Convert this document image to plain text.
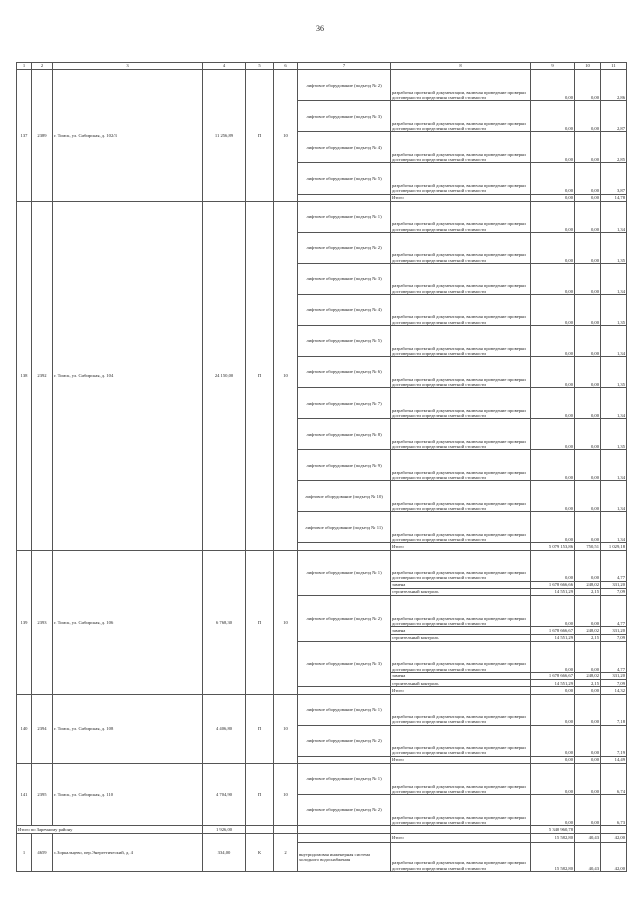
36
1	2	3	4	5	6	7	8	9	10	11
137	2389	г. Томск, ул. Сибирская, д. 102/3	11 256,89	П	10	лифтовое оборудование (подъезд № 2)	разработка проектной документации, включая проведение проверки достоверности определения сметной стоимости	0,00	0,00	2,86
						лифтовое оборудование (подъезд № 3)	разработка проектной документации, включая проведение проверки достоверности определения сметной стоимости	0,00	0,00	2,87
						лифтовое оборудование (подъезд № 4)	разработка проектной документации, включая проведение проверки достоверности определения сметной стоимости	0,00	0,00	2,85
						лифтовое оборудование (подъезд № 5)	разработка проектной документации, включая проведение проверки достоверности определения сметной стоимости	0,00	0,00	3,87
							Итого	0,00	0,00	14,78
138	2392	г. Томск, ул. Сибирская, д. 104	24 150,00	П	10	лифтовое оборудование (подъезд № 1)	разработка проектной документации, включая проведение проверки достоверности определения сметной стоимости	0,00	0,00	1,34
						лифтовое оборудование (подъезд № 2)	разработка проектной документации, включая проведение проверки достоверности определения сметной стоимости	0,00	0,00	1,35
						лифтовое оборудование (подъезд № 3)	разработка проектной документации, включая проведение проверки достоверности определения сметной стоимости	0,00	0,00	1,34
						лифтовое оборудование (подъезд № 4)	разработка проектной документации, включая проведение проверки достоверности определения сметной стоимости	0,00	0,00	1,35
						лифтовое оборудование (подъезд № 5)	разработка проектной документации, включая проведение проверки достоверности определения сметной стоимости	0,00	0,00	1,34
						лифтовое оборудование (подъезд № 6)	разработка проектной документации, включая проведение проверки достоверности определения сметной стоимости	0,00	0,00	1,35
						лифтовое оборудование (подъезд № 7)	разработка проектной документации, включая проведение проверки достоверности определения сметной стоимости	0,00	0,00	1,34
						лифтовое оборудование (подъезд № 8)	разработка проектной документации, включая проведение проверки достоверности определения сметной стоимости	0,00	0,00	1,35
						лифтовое оборудование (подъезд № 9)	разработка проектной документации, включая проведение проверки достоверности определения сметной стоимости	0,00	0,00	1,34
						лифтовое оборудование (подъезд № 10)	разработка проектной документации, включая проведение проверки достоверности определения сметной стоимости	0,00	0,00	1,34
						лифтовое оборудование (подъезд № 11)	разработка проектной документации, включая проведение проверки достоверности определения сметной стоимости	0,00	0,00	1,34
							Итого	5 079 153,86	750,51	1 029,18
139	2393	г. Томск, ул. Сибирская, д. 106	6 768,30	П	10	лифтовое оборудование (подъезд № 1)	разработка проектной документации, включая проведение проверки достоверности определения сметной стоимости	0,00	0,00	4,77
							замена	1 678 666,66	248,02	331,20
							строительный контроль	14 551,29	2,15	7,09
						лифтовое оборудование (подъезд № 2)	разработка проектной документации, включая проведение проверки достоверности определения сметной стоимости	0,00	0,00	4,77
							замена	1 678 666,67	248,02	331,20
							строительный контроль	14 551,29	2,15	7,09
						лифтовое оборудование (подъезд № 3)	разработка проектной документации, включая проведение проверки достоверности определения сметной стоимости	0,00	0,00	4,77
							замена	1 678 666,67	248,02	331,20
							строительный контроль	14 551,29	2,15	7,09
							Итого	0,00	0,00	14,32
140	2394	г. Томск, ул. Сибирская, д. 108	4 406,80	П	10	лифтовое оборудование (подъезд № 1)	разработка проектной документации, включая проведение проверки достоверности определения сметной стоимости	0,00	0,00	7,18
						лифтовое оборудование (подъезд № 2)	разработка проектной документации, включая проведение проверки достоверности определения сметной стоимости	0,00	0,00	7,19
							Итого	0,00	0,00	14,49
141	2395	г. Томск, ул. Сибирская, д. 110	4 704,90	П	10	лифтовое оборудование (подъезд № 1)	разработка проектной документации, включая проведение проверки достоверности определения сметной стоимости	0,00	0,00	6,74
						лифтовое оборудование (подъезд № 2)	разработка проектной документации, включая проведение проверки достоверности определения сметной стоимости	0,00	0,00	6,73
Итого по Заречному району			1 926,00					5 340 960,78		
1	4659	с.Зоркальцево, пер.Энергетический, д. 4	334,00	К	2		Итого	15 582,80	40,43	42,00
						внутридомовая инженерная система холодного водоснабжения	разработка проектной документации, включая проведение проверки достоверности определения сметной стоимости	15 582,80	40,43	42,00
